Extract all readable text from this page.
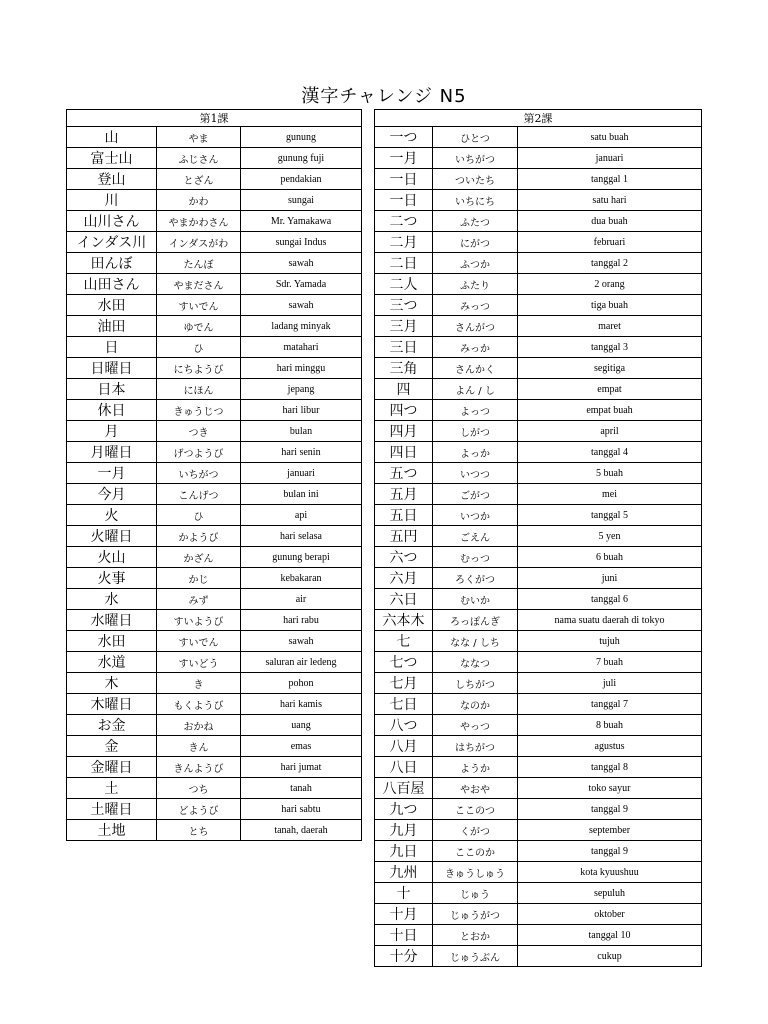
漢字チャレンジ N5
第1課		
山	やま	gunung
富士山	ふじさん	gunung fuji
登山	とざん	pendakian
川	かわ	sungai
山川さん	やまかわさん	Mr. Yamakawa
インダス川	インダスがわ	sungai Indus
田んぼ	たんぼ	sawah
山田さん	やまださん	Sdr. Yamada
水田	すいでん	sawah
油田	ゆでん	ladang minyak
日	ひ	matahari
日曜日	にちようび	hari minggu
日本	にほん	jepang
休日	きゅうじつ	hari libur
月	つき	bulan
月曜日	げつようび	hari senin
一月	いちがつ	januari
今月	こんげつ	bulan ini
火	ひ	api
火曜日	かようび	hari selasa
火山	かざん	gunung berapi
火事	かじ	kebakaran
水	みず	air
水曜日	すいようび	hari rabu
水田	すいでん	sawah
水道	すいどう	saluran air ledeng
木	き	pohon
木曜日	もくようび	hari kamis
お金	おかね	uang
金	きん	emas
金曜日	きんようび	hari jumat
土	つち	tanah
土曜日	どようび	hari sabtu
土地	とち	tanah, daerah
第2課		
一つ	ひとつ	satu buah
一月	いちがつ	januari
一日	ついたち	tanggal 1
一日	いちにち	satu hari
二つ	ふたつ	dua buah
二月	にがつ	februari
二日	ふつか	tanggal 2
二人	ふたり	2 orang
三つ	みっつ	tiga buah
三月	さんがつ	maret
三日	みっか	tanggal 3
三角	さんかく	segitiga
四	よん / し	empat
四つ	よっつ	empat buah
四月	しがつ	april
四日	よっか	tanggal 4
五つ	いつつ	5 buah
五月	ごがつ	mei
五日	いつか	tanggal 5
五円	ごえん	5 yen
六つ	むっつ	6 buah
六月	ろくがつ	juni
六日	むいか	tanggal 6
六本木	ろっぽんぎ	nama suatu daerah di tokyo
七	なな / しち	tujuh
七つ	ななつ	7 buah
七月	しちがつ	juli
七日	なのか	tanggal 7
八つ	やっつ	8 buah
八月	はちがつ	agustus
八日	ようか	tanggal 8
八百屋	やおや	toko sayur
九つ	ここのつ	tanggal 9
九月	くがつ	september
九日	ここのか	tanggal 9
九州	きゅうしゅう	kota kyuushuu
十	じゅう	sepuluh
十月	じゅうがつ	oktober
十日	とおか	tanggal 10
十分	じゅうぶん	cukup
